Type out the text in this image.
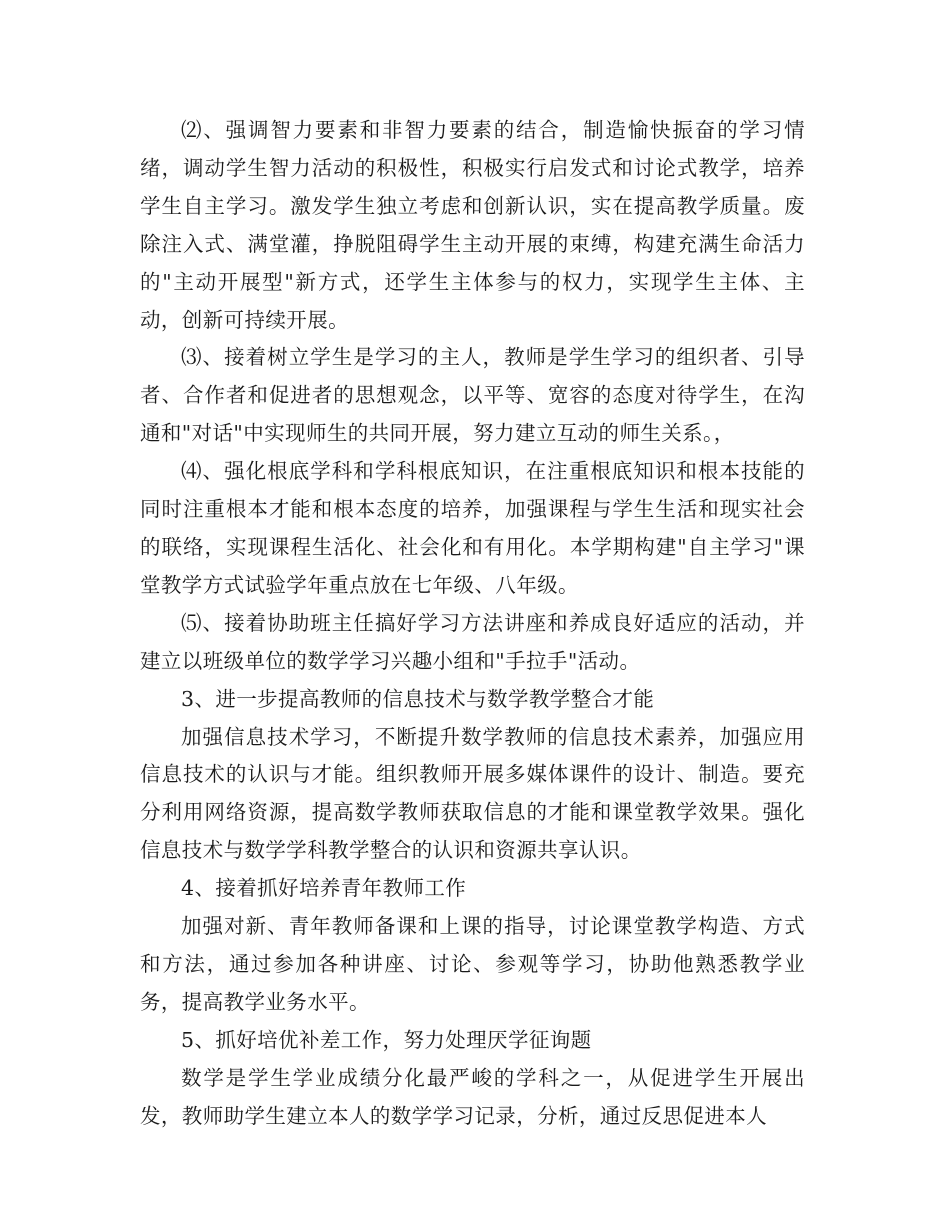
⑵、强调智力要素和非智力要素的结合，制造愉快振奋的学习情绪，调动学生智力活动的积极性，积极实行启发式和讨论式教学，培养学生自主学习。激发学生独立考虑和创新认识，实在提高教学质量。废除注入式、满堂灌，挣脱阻碍学生主动开展的束缚，构建充满生命活力的"主动开展型"新方式，还学生主体参与的权力，实现学生主体、主动，创新可持续开展。

⑶、接着树立学生是学习的主人，教师是学生学习的组织者、引导者、合作者和促进者的思想观念，以平等、宽容的态度对待学生，在沟通和"对话"中实现师生的共同开展，努力建立互动的师生关系。，

⑷、强化根底学科和学科根底知识，在注重根底知识和根本技能的同时注重根本才能和根本态度的培养，加强课程与学生生活和现实社会的联络，实现课程生活化、社会化和有用化。本学期构建"自主学习"课堂教学方式试验学年重点放在七年级、八年级。

⑸、接着协助班主任搞好学习方法讲座和养成良好适应的活动，并建立以班级单位的数学学习兴趣小组和"手拉手"活动。

3、进一步提高教师的信息技术与数学教学整合才能

加强信息技术学习，不断提升数学教师的信息技术素养，加强应用信息技术的认识与才能。组织教师开展多媒体课件的设计、制造。要充分利用网络资源，提高数学教师获取信息的才能和课堂教学效果。强化信息技术与数学学科教学整合的认识和资源共享认识。

4、接着抓好培养青年教师工作

加强对新、青年教师备课和上课的指导，讨论课堂教学构造、方式和方法，通过参加各种讲座、讨论、参观等学习，协助他熟悉教学业务，提高教学业务水平。

5、抓好培优补差工作，努力处理厌学征询题

数学是学生学业成绩分化最严峻的学科之一，从促进学生开展出发，教师助学生建立本人的数学学习记录，分析，通过反思促进本人
